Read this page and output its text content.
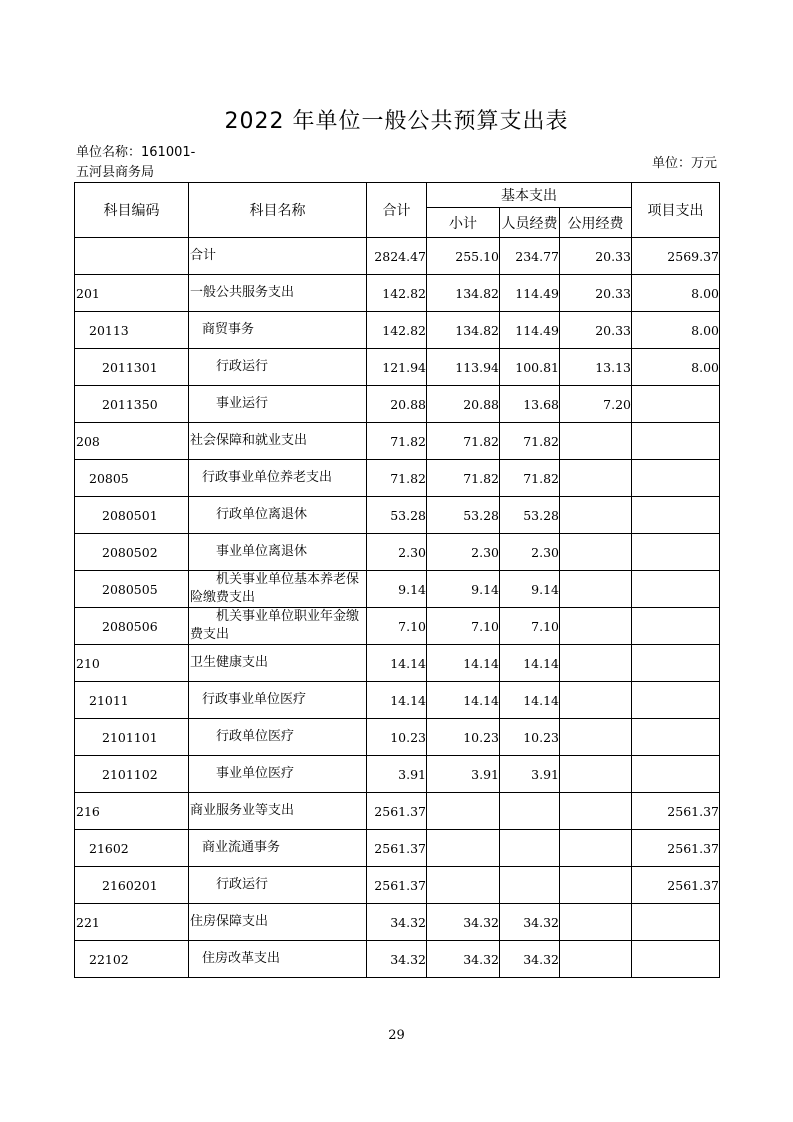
2022 年单位一般公共预算支出表
单位名称：161001-
五河县商务局
单位：万元
科目编码	科目名称	合计	基本支出			项目支出
			小计	人员经费	公用经费	
	合计	2824.47	255.10	234.77	20.33	2569.37
201	一般公共服务支出	142.82	134.82	114.49	20.33	8.00
20113	商贸事务	142.82	134.82	114.49	20.33	8.00
2011301	行政运行	121.94	113.94	100.81	13.13	8.00
2011350	事业运行	20.88	20.88	13.68	7.20	
208	社会保障和就业支出	71.82	71.82	71.82		
20805	行政事业单位养老支出	71.82	71.82	71.82		
2080501	行政单位离退休	53.28	53.28	53.28		
2080502	事业单位离退休	2.30	2.30	2.30		
2080505	机关事业单位基本养老保险缴费支出	9.14	9.14	9.14		
2080506	机关事业单位职业年金缴费支出	7.10	7.10	7.10		
210	卫生健康支出	14.14	14.14	14.14		
21011	行政事业单位医疗	14.14	14.14	14.14		
2101101	行政单位医疗	10.23	10.23	10.23		
2101102	事业单位医疗	3.91	3.91	3.91		
216	商业服务业等支出	2561.37				2561.37
21602	商业流通事务	2561.37				2561.37
2160201	行政运行	2561.37				2561.37
221	住房保障支出	34.32	34.32	34.32		
22102	住房改革支出	34.32	34.32	34.32		
29
